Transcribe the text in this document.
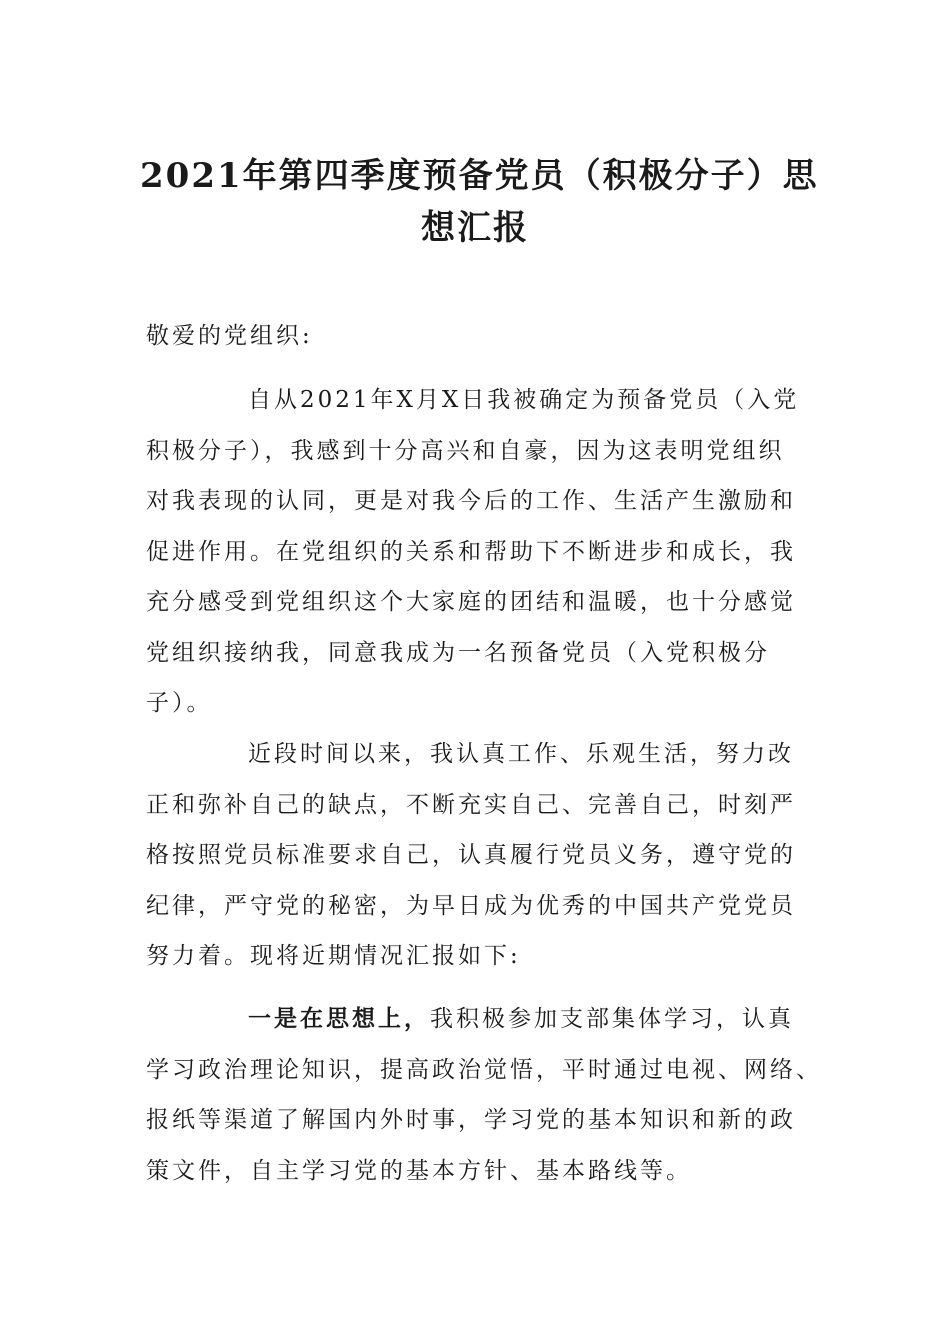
2021年第四季度预备党员（积极分子）思
想汇报

敬爱的党组织:

自从2021年X月X日我被确定为预备党员（入党
积极分子），我感到十分高兴和自豪，因为这表明党组织
对我表现的认同，更是对我今后的工作、生活产生激励和
促进作用。在党组织的关系和帮助下不断进步和成长，我
充分感受到党组织这个大家庭的团结和温暖，也十分感觉
党组织接纳我，同意我成为一名预备党员（入党积极分
子）。
近段时间以来，我认真工作、乐观生活，努力改
正和弥补自己的缺点，不断充实自己、完善自己，时刻严
格按照党员标准要求自己，认真履行党员义务，遵守党的
纪律，严守党的秘密，为早日成为优秀的中国共产党党员
努力着。现将近期情况汇报如下:
一是在思想上，我积极参加支部集体学习，认真
学习政治理论知识，提高政治觉悟，平时通过电视、网络、
报纸等渠道了解国内外时事，学习党的基本知识和新的政
策文件，自主学习党的基本方针、基本路线等。
